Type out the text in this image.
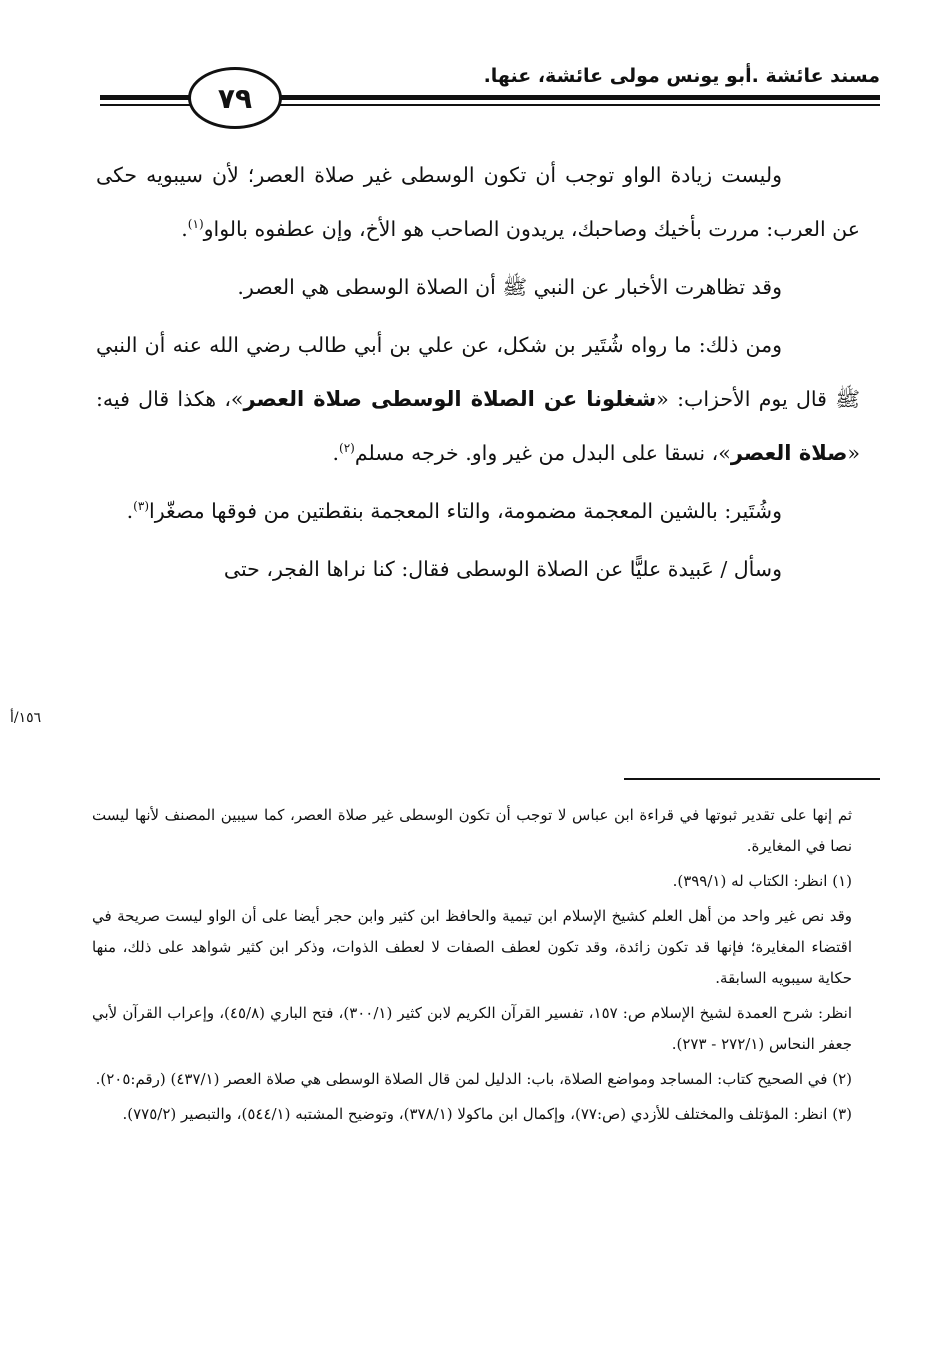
مسند عائشة .أبو يونس مولى عائشة، عنها.
٧٩

وليست زيادة الواو توجب أن تكون الوسطى غير صلاة العصر؛ لأن سيبويه حكى عن العرب: مررت بأخيك وصاحبك، يريدون الصاحب هو الأخ، وإن عطفوه بالواو$^{(١)}$.

وقد تظاهرت الأخبار عن النبي ﷺ أن الصلاة الوسطى هي العصر.

ومن ذلك: ما رواه شُتَير بن شكل، عن علي بن أبي طالب رضي الله عنه أن النبي ﷺ قال يوم الأحزاب: «شغلونا عن الصلاة الوسطى صلاة العصر»، هكذا قال فيه: «صلاة العصر»، نسقا على البدل من غير واو. خرجه مسلم$^{(٢)}$.

وشُتَير: بالشين المعجمة مضمومة، والتاء المعجمة بنقطتين من فوقها مصغّرا$^{(٣)}$.

وسأل / عَبيدة عليًّا عن الصلاة الوسطى فقال: كنا نراها الفجر، حتى

١٥٦/أ

ثم إنها على تقدير ثبوتها في قراءة ابن عباس لا توجب أن تكون الوسطى غير صلاة العصر، كما سيبين المصنف لأنها ليست نصا في المغايرة.

(١) انظر: الكتاب له (٣٩٩/١).

وقد نص غير واحد من أهل العلم كشيخ الإسلام ابن تيمية والحافظ ابن كثير وابن حجر أيضا على أن الواو ليست صريحة في اقتضاء المغايرة؛ فإنها قد تكون زائدة، وقد تكون لعطف الصفات لا لعطف الذوات، وذكر ابن كثير شواهد على ذلك، منها حكاية سيبويه السابقة.

انظر: شرح العمدة لشيخ الإسلام ص: ١٥٧، تفسير القرآن الكريم لابن كثير (٣٠٠/١)، فتح الباري (٤٥/٨)، وإعراب القرآن لأبي جعفر النحاس (٢٧٢/١ - ٢٧٣).

(٢) في الصحيح كتاب: المساجد ومواضع الصلاة، باب: الدليل لمن قال الصلاة الوسطى هي صلاة العصر (٤٣٧/١) (رقم:٢٠٥).

(٣) انظر: المؤتلف والمختلف للأزدي (ص:٧٧)، وإكمال ابن ماكولا (٣٧٨/١)، وتوضيح المشتبه (٥٤٤/١)، والتبصير (٧٧٥/٢).
